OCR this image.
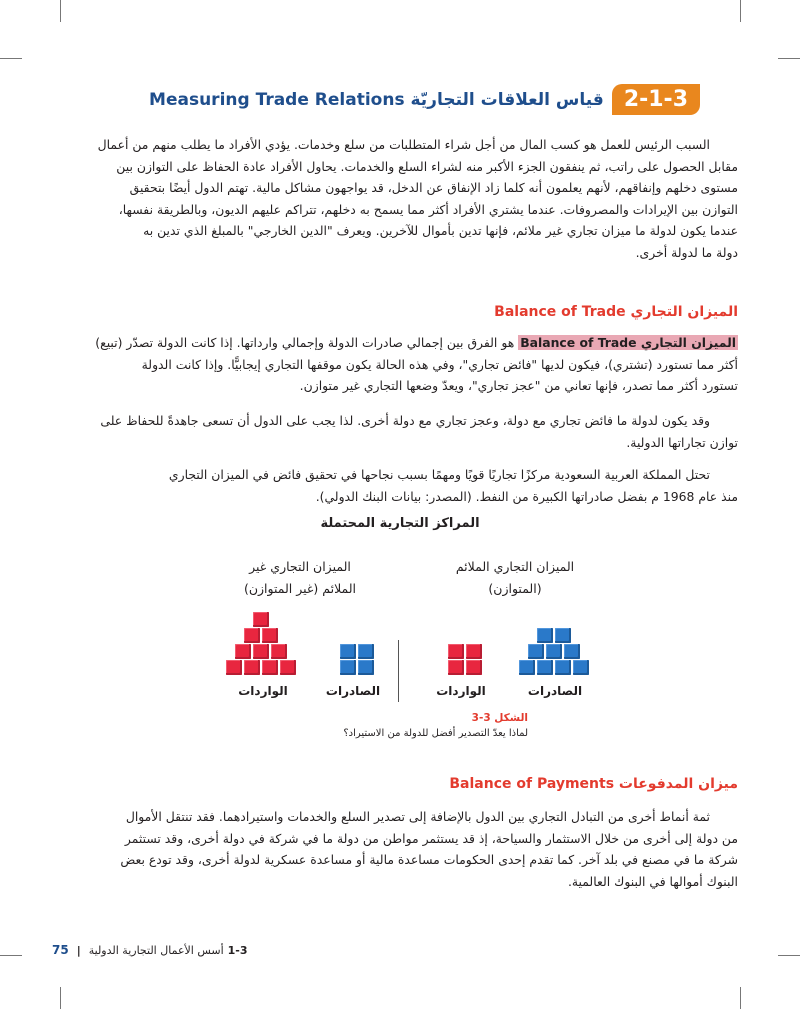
2-1-3
قياس العلاقات التجاريّة Measuring Trade Relations
السبب الرئيس للعمل هو كسب المال من أجل شراء المتطلبات من سلع وخدمات. يؤدي الأفراد ما يطلب منهم من أعمال
مقابل الحصول على راتب، ثم ينفقون الجزء الأكبر منه لشراء السلع والخدمات. يحاول الأفراد عادة الحفاظ على التوازن بين
مستوى دخلهم وإنفاقهم، لأنهم يعلمون أنه كلما زاد الإنفاق عن الدخل، قد يواجهون مشاكل مالية. تهتم الدول أيضًا بتحقيق
التوازن بين الإيرادات والمصروفات. عندما يشتري الأفراد أكثر مما يسمح به دخلهم، تتراكم عليهم الديون، وبالطريقة نفسها،
عندما يكون لدولة ما ميزان تجاري غير ملائم، فإنها تدين بأموال للآخرين. ويعرف "الدين الخارجي" بالمبلغ الذي تدين به
دولة ما لدولة أخرى.
الميزان التجاري Balance of Trade
الميزان التجاري Balance of Trade هو الفرق بين إجمالي صادرات الدولة وإجمالي وارداتها. إذا كانت الدولة تصدّر (تبيع)
أكثر مما تستورد (تشتري)، فيكون لديها "فائض تجاري"، وفي هذه الحالة يكون موقفها التجاري إيجابيًّا. وإذا كانت الدولة
تستورد أكثر مما تصدر، فإنها تعاني من "عجز تجاري"، ويعدّ وضعها التجاري غير متوازن.
وقد يكون لدولة ما فائض تجاري مع دولة، وعجز تجاري مع دولة أخرى. لذا يجب على الدول أن تسعى جاهدةً للحفاظ على
توازن تجاراتها الدولية.
تحتل المملكة العربية السعودية مركزًا تجاريًا قويًا ومهمًا بسبب نجاحها في تحقيق فائض في الميزان التجاري
منذ عام 1968 م بفضل صادراتها الكبيرة من النفط. (المصدر: بيانات البنك الدولي).
المراكز التجارية المحتملة
الميزان التجاري الملائم
(المتوازن)
الميزان التجاري غير
الملائم (غير المتوازن)
الصادرات
الواردات
الصادرات
الواردات
الشكل 3-3
لماذا يعدّ التصدير أفضل للدولة من الاستيراد؟
ميزان المدفوعات Balance of Payments
ثمة أنماط أخرى من التبادل التجاري بين الدول بالإضافة إلى تصدير السلع والخدمات واستيرادهما. فقد تنتقل الأموال
من دولة إلى أخرى من خلال الاستثمار والسياحة، إذ قد يستثمر مواطن من دولة ما في شركة في دولة أخرى، وقد تستثمر
شركة ما في مصنع في بلد آخر. كما تقدم إحدى الحكومات مساعدة مالية أو مساعدة عسكرية لدولة أخرى، وقد تودع بعض
البنوك أموالها في البنوك العالمية.
75 |	1-3أسس الأعمال التجارية الدولية
